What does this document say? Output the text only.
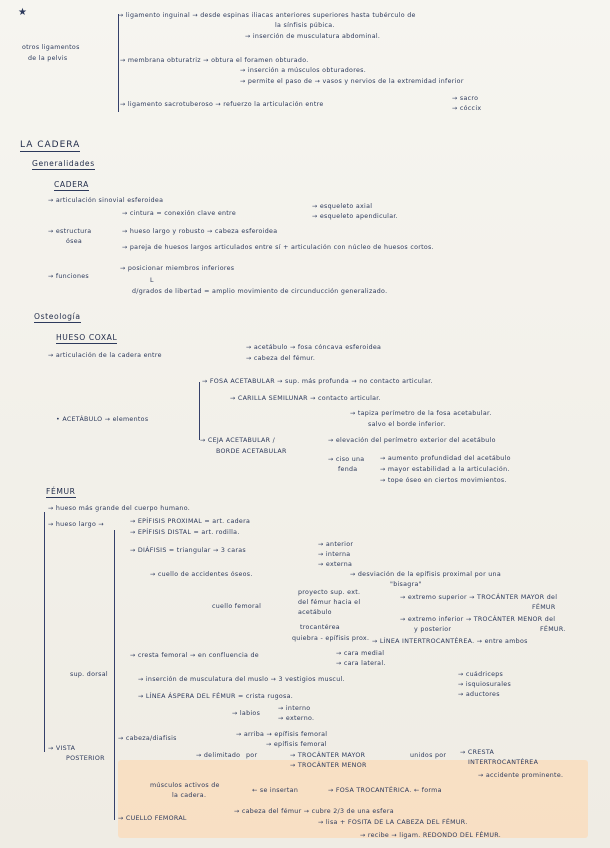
★
otros ligamentos
de la pelvis
→ ligamento inguinal → desde espinas iliacas anteriores superiores hasta tubérculo de
la sínfisis púbica.
→ inserción de musculatura abdominal.
→ membrana obturatriz → obtura el foramen obturado.
→ inserción a músculos obturadores.
→ permite el paso de → vasos y nervios de la extremidad inferior
→ ligamento sacrotuberoso → refuerzo la articulación entre
→ sacro
→ cóccix
LA CADERA
Generalidades
CADERA
→ articulación sinovial esferoidea
→ cintura = conexión clave entre
→ esqueleto axial
→ esqueleto apendicular.
→ estructura
ósea
→ hueso largo y robusto → cabeza esferoidea
→ pareja de huesos largos articulados entre sí + articulación con núcleo de huesos cortos.
→ funciones
→ posicionar miembros inferiores
L
d/grados de libertad = amplio movimiento de circunducción generalizado.
Osteología
HUESO COXAL
→ articulación de la cadera entre
→ acetábulo → fosa cóncava esferoidea
→ cabeza del fémur.
→ FOSA ACETABULAR → sup. más profunda → no contacto articular.
→ CARILLA SEMILUNAR → contacto articular.
→ tapiza perímetro de la fosa acetabular.
salvo el borde inferior.
• ACETÁBULO → elementos
→ CEJA ACETABULAR /
BORDE ACETABULAR
→ elevación del perímetro exterior del acetábulo
→ ciso una
fenda
→ aumento profundidad del acetábulo
→ mayor estabilidad a la articulación.
→ tope óseo en ciertos movimientos.
FÉMUR
→ hueso más grande del cuerpo humano.
→ hueso largo →	→ EPÍFISIS PROXIMAL = art. cadera
→ EPÍFISIS DISTAL = art. rodilla.
→ DIÁFISIS = triangular → 3 caras
→ anterior
→ interna
→ externa
→ cuello de accidentes óseos.	→ desviación de la epífisis proximal por una
"bisagra"
proyecto sup. ext.
del fémur hacia el
acetábulo
cuello femoral
→ extremo superior → TROCÁNTER MAYOR del
FÉMUR
→ extremo inferior → TROCÁNTER MENOR del
y posterior	FÉMUR.
trocantérea
quiebra - epífisis prox. → LÍNEA INTERTROCANTÉREA. → entre ambos
sup. dorsal
→ cresta femoral → en confluencia de	→ cara medial
→ cara lateral.
→ inserción de musculatura del muslo → 3 vestigios muscul.
→ cuádriceps
→ isquiosurales
→ aductores
→ LÍNEA ÁSPERA DEL FÉMUR = crista rugosa.
→ labios
→ interno
→ externo.
→ VISTA
POSTERIOR
→ cabeza/diafisis
→ arriba → epífisis femoral
→ epífisis femoral
→ delimitado por	→ TROCÁNTER MAYOR
→ TROCÁNTER MENOR
unidos por → CRESTA
INTERTROCANTÉREA
→ accidente prominente.
músculos activos de
la cadera.
← se insertan	→ FOSA TROCANTÉRICA. ← forma
→ CUELLO FEMORAL
→ cabeza del fémur → cubre 2/3 de una esfera
→ lisa + FOSITA DE LA CABEZA DEL FÉMUR.
→ recibe → ligam. REDONDO DEL FÉMUR.
